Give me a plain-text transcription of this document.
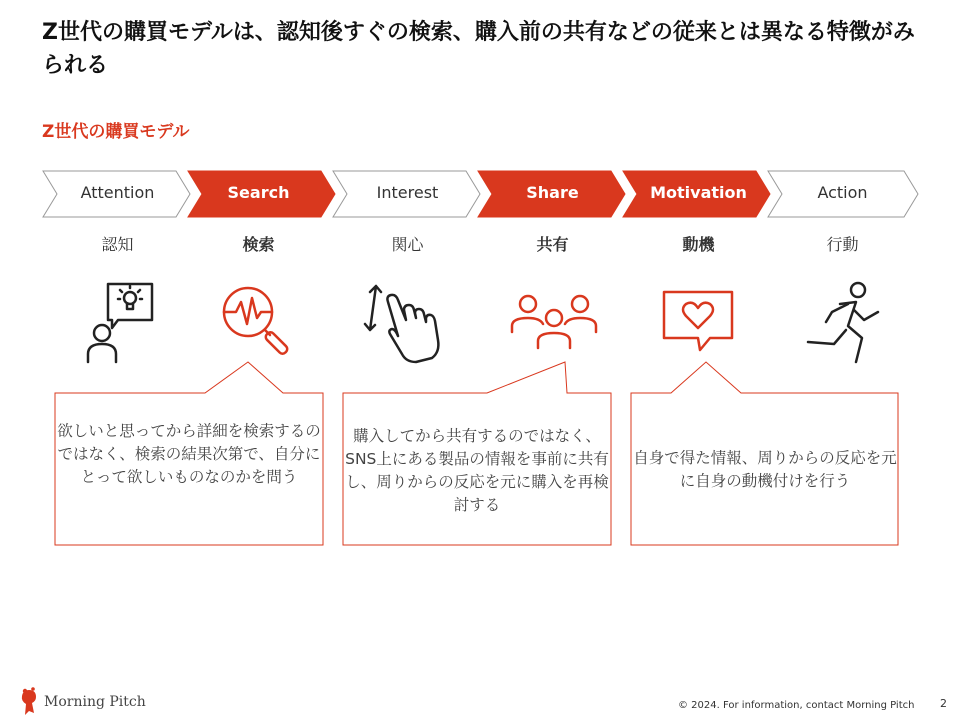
Z世代の購買モデルは、認知後すぐの検索、購入前の共有などの従来とは異なる特徴がみられる
Z世代の購買モデル
Attention	Search	Interest	Share	Motivation	Action
認知	検索	関心	共有	動機	行動
欲しいと思ってから詳細を検索するのではなく、検索の結果次第で、自分にとって欲しいものなのかを問う
購入してから共有するのではなく、SNS上にある製品の情報を事前に共有し、周りからの反応を元に購入を再検討する
自身で得た情報、周りからの反応を元に自身の動機付けを行う
Morning Pitch	© 2024. For information, contact Morning Pitch 2
